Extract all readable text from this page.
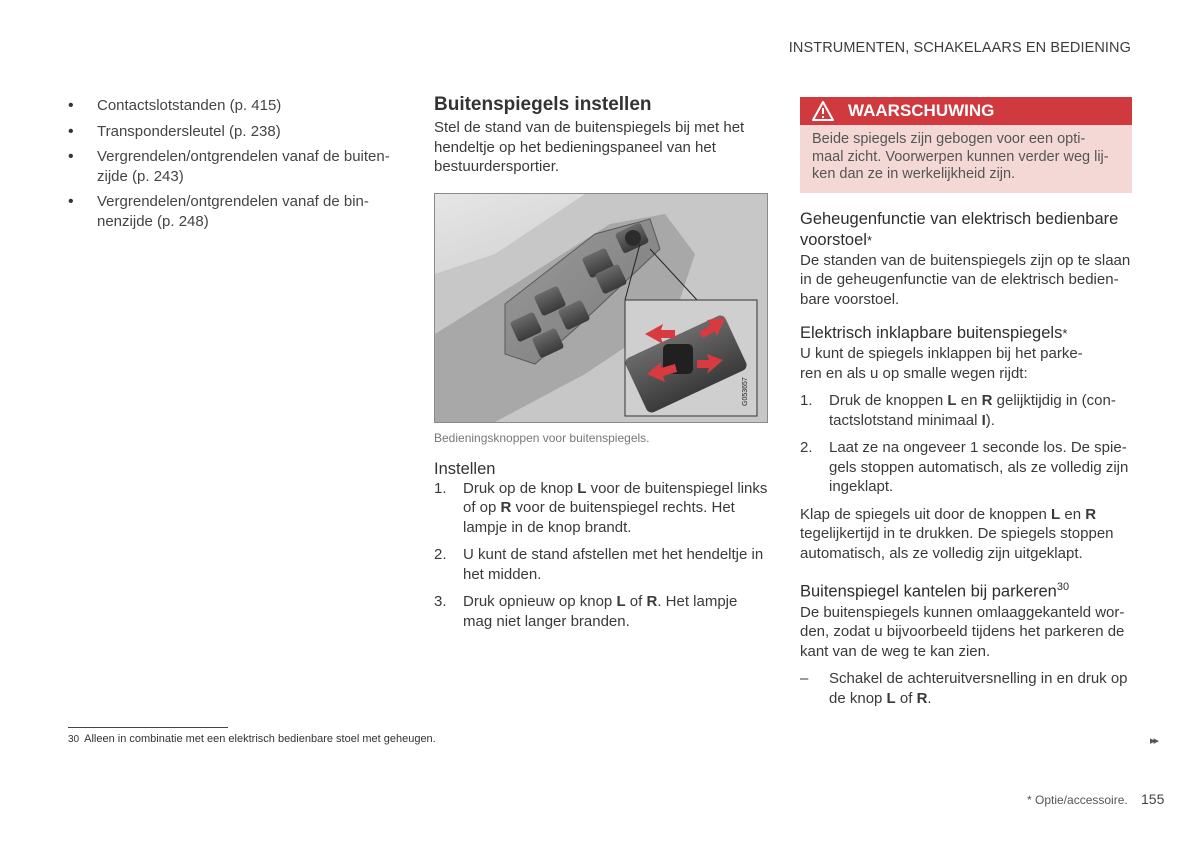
INSTRUMENTEN, SCHAKELAARS EN BEDIENING
• Contactslotstanden (p. 415)
• Transpondersleutel (p. 238)
• Vergrendelen/ontgrendelen vanaf de buiten-
zijde (p. 243)
• Vergrendelen/ontgrendelen vanaf de bin-
nenzijde (p. 248)
Buitenspiegels instellen

Stel de stand van de buitenspiegels bij met het hendeltje op het bedieningspaneel van het bestuurdersportier.

G053657
Bedieningsknoppen voor buitenspiegels.
Instellen
1. Druk op de knop L voor de buitenspiegel links of op R voor de buitenspiegel rechts. Het lampje in de knop brandt.
2. U kunt de stand afstellen met het hendeltje in het midden.
3. Druk opnieuw op knop L of R. Het lampje mag niet langer branden.
WAARSCHUWING
Beide spiegels zijn gebogen voor een opti-
maal zicht. Voorwerpen kunnen verder weg lij-
ken dan ze in werkelijkheid zijn.
Geheugenfunctie van elektrisch bedienbare voorstoel*

De standen van de buitenspiegels zijn op te slaan in de geheugenfunctie van de elektrisch bedien-
bare voorstoel.

Elektrisch inklapbare buitenspiegels*

U kunt de spiegels inklappen bij het parke-
ren en als u op smalle wegen rijdt:

1. Druk de knoppen L en R gelijktijdig in (con-
tactslotstand minimaal I).
2. Laat ze na ongeveer 1 seconde los. De spie-
gels stoppen automatisch, als ze volledig zijn ingeklapt.

Klap de spiegels uit door de knoppen L en R tegelijkertijd in te drukken. De spiegels stoppen automatisch, als ze volledig zijn uitgeklapt.

Buitenspiegel kantelen bij parkeren$^{30}$

De buitenspiegels kunnen omlaaggekanteld wor-
den, zodat u bijvoorbeeld tijdens het parkeren de kant van de weg te kan zien.

– Schakel de achteruitversnelling in en druk op de knop L of R.
30 Alleen in combinatie met een elektrisch bedienbare stoel met geheugen.	▸▸
* Optie/accessoire. 155
